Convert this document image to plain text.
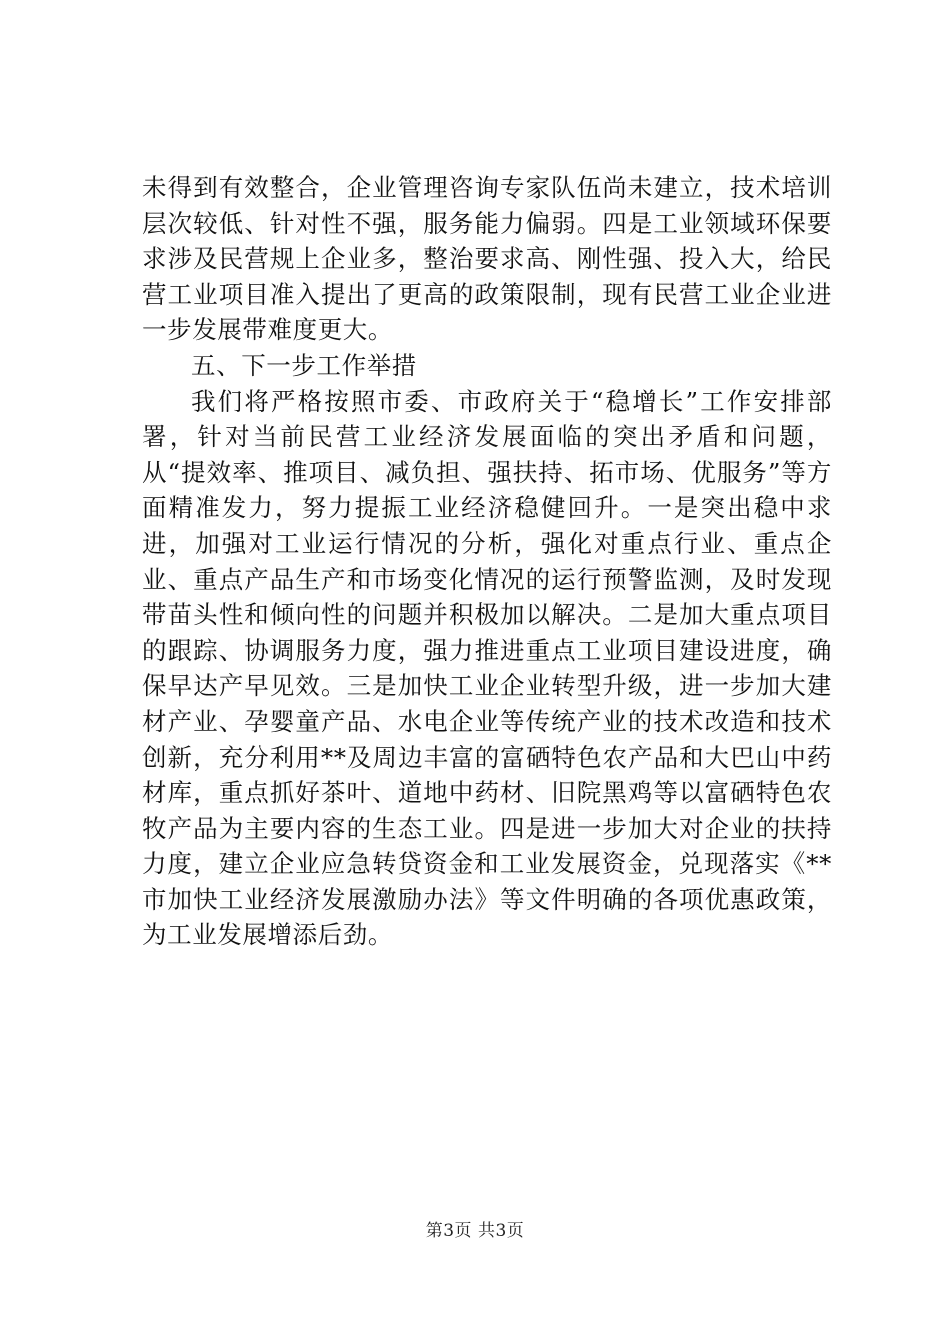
未得到有效整合，企业管理咨询专家队伍尚未建立，技术培训层次较低、针对性不强，服务能力偏弱。四是工业领域环保要求涉及民营规上企业多，整治要求高、刚性强、投入大，给民营工业项目准入提出了更高的政策限制，现有民营工业企业进一步发展带难度更大。

五、下一步工作举措

我们将严格按照市委、市政府关于“稳增长”工作安排部署，针对当前民营工业经济发展面临的突出矛盾和问题，从“提效率、推项目、减负担、强扶持、拓市场、优服务”等方面精准发力，努力提振工业经济稳健回升。一是突出稳中求进，加强对工业运行情况的分析，强化对重点行业、重点企业、重点产品生产和市场变化情况的运行预警监测，及时发现带苗头性和倾向性的问题并积极加以解决。二是加大重点项目的跟踪、协调服务力度，强力推进重点工业项目建设进度，确保早达产早见效。三是加快工业企业转型升级，进一步加大建材产业、孕婴童产品、水电企业等传统产业的技术改造和技术创新，充分利用**及周边丰富的富硒特色农产品和大巴山中药材库，重点抓好茶叶、道地中药材、旧院黑鸡等以富硒特色农牧产品为主要内容的生态工业。四是进一步加大对企业的扶持力度，建立企业应急转贷资金和工业发展资金，兑现落实《**市加快工业经济发展激励办法》等文件明确的各项优惠政策，为工业发展增添后劲。

第3页 共3页
